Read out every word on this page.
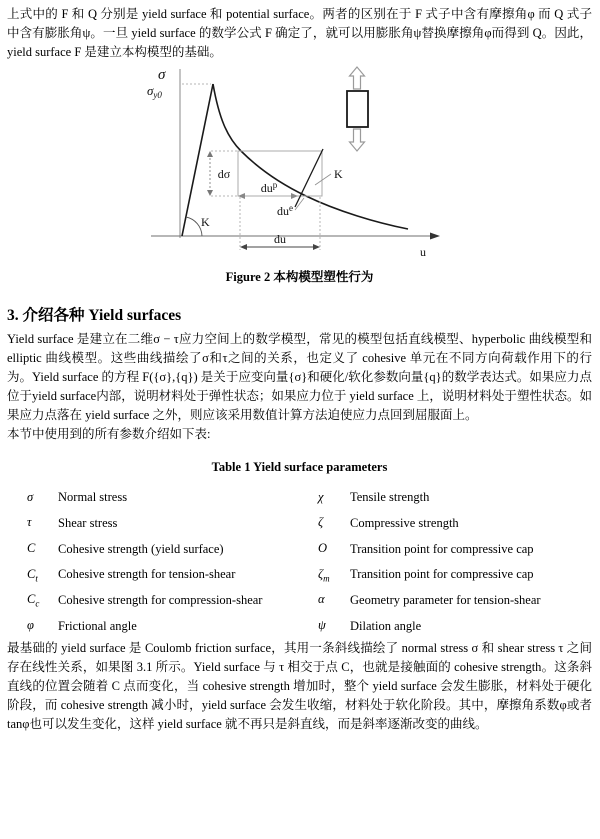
上式中的 F 和 Q 分别是 yield surface 和 potential surface。两者的区别在于 F 式子中含有摩擦角φ 而 Q 式子中含有膨胀角ψ。一旦 yield surface 的数学公式 F 确定了，就可以用膨胀角ψ替换摩擦角φ而得到 Q。因此，yield surface F 是建立本构模型的基础。

σ
$\sigma_{y0}$
u
dσ
$du^p$
$du^e$
K
du
K
Figure 2 本构模型塑性行为
3. 介绍各种 Yield surfaces

Yield surface 是建立在二维σ − τ应力空间上的数学模型，常见的模型包括直线模型、hyperbolic 曲线模型和 elliptic 曲线模型。这些曲线描绘了σ和τ之间的关系，也定义了 cohesive 单元在不同方向荷载作用下的行为。Yield surface 的方程 F({σ},{q}) 是关于应变向量{σ}和硬化/软化参数向量{q}的数学表达式。如果应力点位于yield surface内部，说明材料处于弹性状态；如果应力位于 yield surface 上，说明材料处于塑性状态。如果应力点落在 yield surface 之外，则应该采用数值计算方法迫使应力点回到屈服面上。

本节中使用到的所有参数介绍如下表:

Table 1 Yield surface parameters
σ	Normal stress	χ	Tensile strength
τ	Shear stress	ζ	Compressive strength
C	Cohesive strength (yield surface)	O	Transition point for compressive cap
$C_t$	Cohesive strength for tension-shear	$\zeta_m$	Transition point for compressive cap
$C_c$	Cohesive strength for compression-shear	α	Geometry parameter for tension-shear
φ	Frictional angle	ψ	Dilation angle

最基础的 yield surface 是 Coulomb friction surface，其用一条斜线描绘了 normal stress σ 和 shear stress τ 之间存在线性关系，如果图 3.1 所示。Yield surface 与 τ 相交于点 C，也就是接触面的 cohesive strength。这条斜直线的位置会随着 C 点而变化，当 cohesive strength 增加时，整个 yield surface 会发生膨胀，材料处于硬化阶段，而 cohesive strength 减小时，yield surface 会发生收缩，材料处于软化阶段。其中，摩擦角系数φ或者tanφ也可以发生变化，这样 yield surface 就不再只是斜直线，而是斜率逐渐改变的曲线。
